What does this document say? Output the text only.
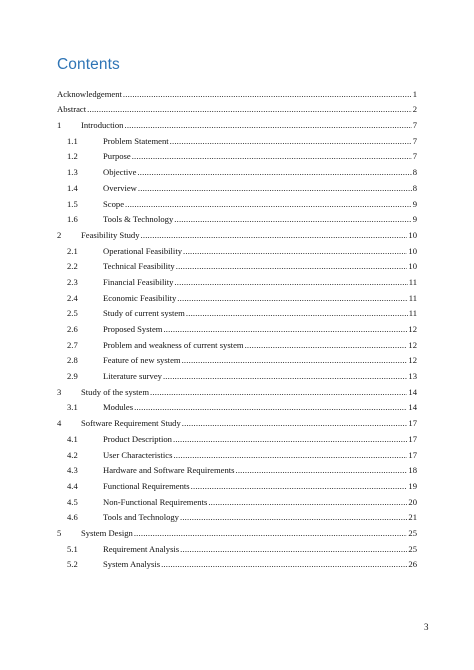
Contents
Acknowledgement .....	1
Abstract .....	2
1	Introduction .....	7
1.1	Problem Statement .....	7
1.2	Purpose .....	7
1.3	Objective .....	8
1.4	Overview .....	8
1.5	Scope .....	9
1.6	Tools & Technology .....	9
2	Feasibility Study .....	10
2.1	Operational Feasibility .....	10
2.2	Technical Feasibility .....	10
2.3	Financial Feasibility .....	11
2.4	Economic Feasibility .....	11
2.5	Study of current system .....	11
2.6	Proposed System .....	12
2.7	Problem and weakness of current system .....	12
2.8	Feature of new system .....	12
2.9	Literature survey .....	13
3	Study of the system .....	14
3.1	Modules .....	14
4	Software Requirement Study .....	17
4.1	Product Description .....	17
4.2	User Characteristics .....	17
4.3	Hardware and Software Requirements .....	18
4.4	Functional Requirements .....	19
4.5	Non-Functional Requirements .....	20
4.6	Tools and Technology .....	21
5	System Design .....	25
5.1	Requirement Analysis .....	25
5.2	System Analysis .....	26
3
